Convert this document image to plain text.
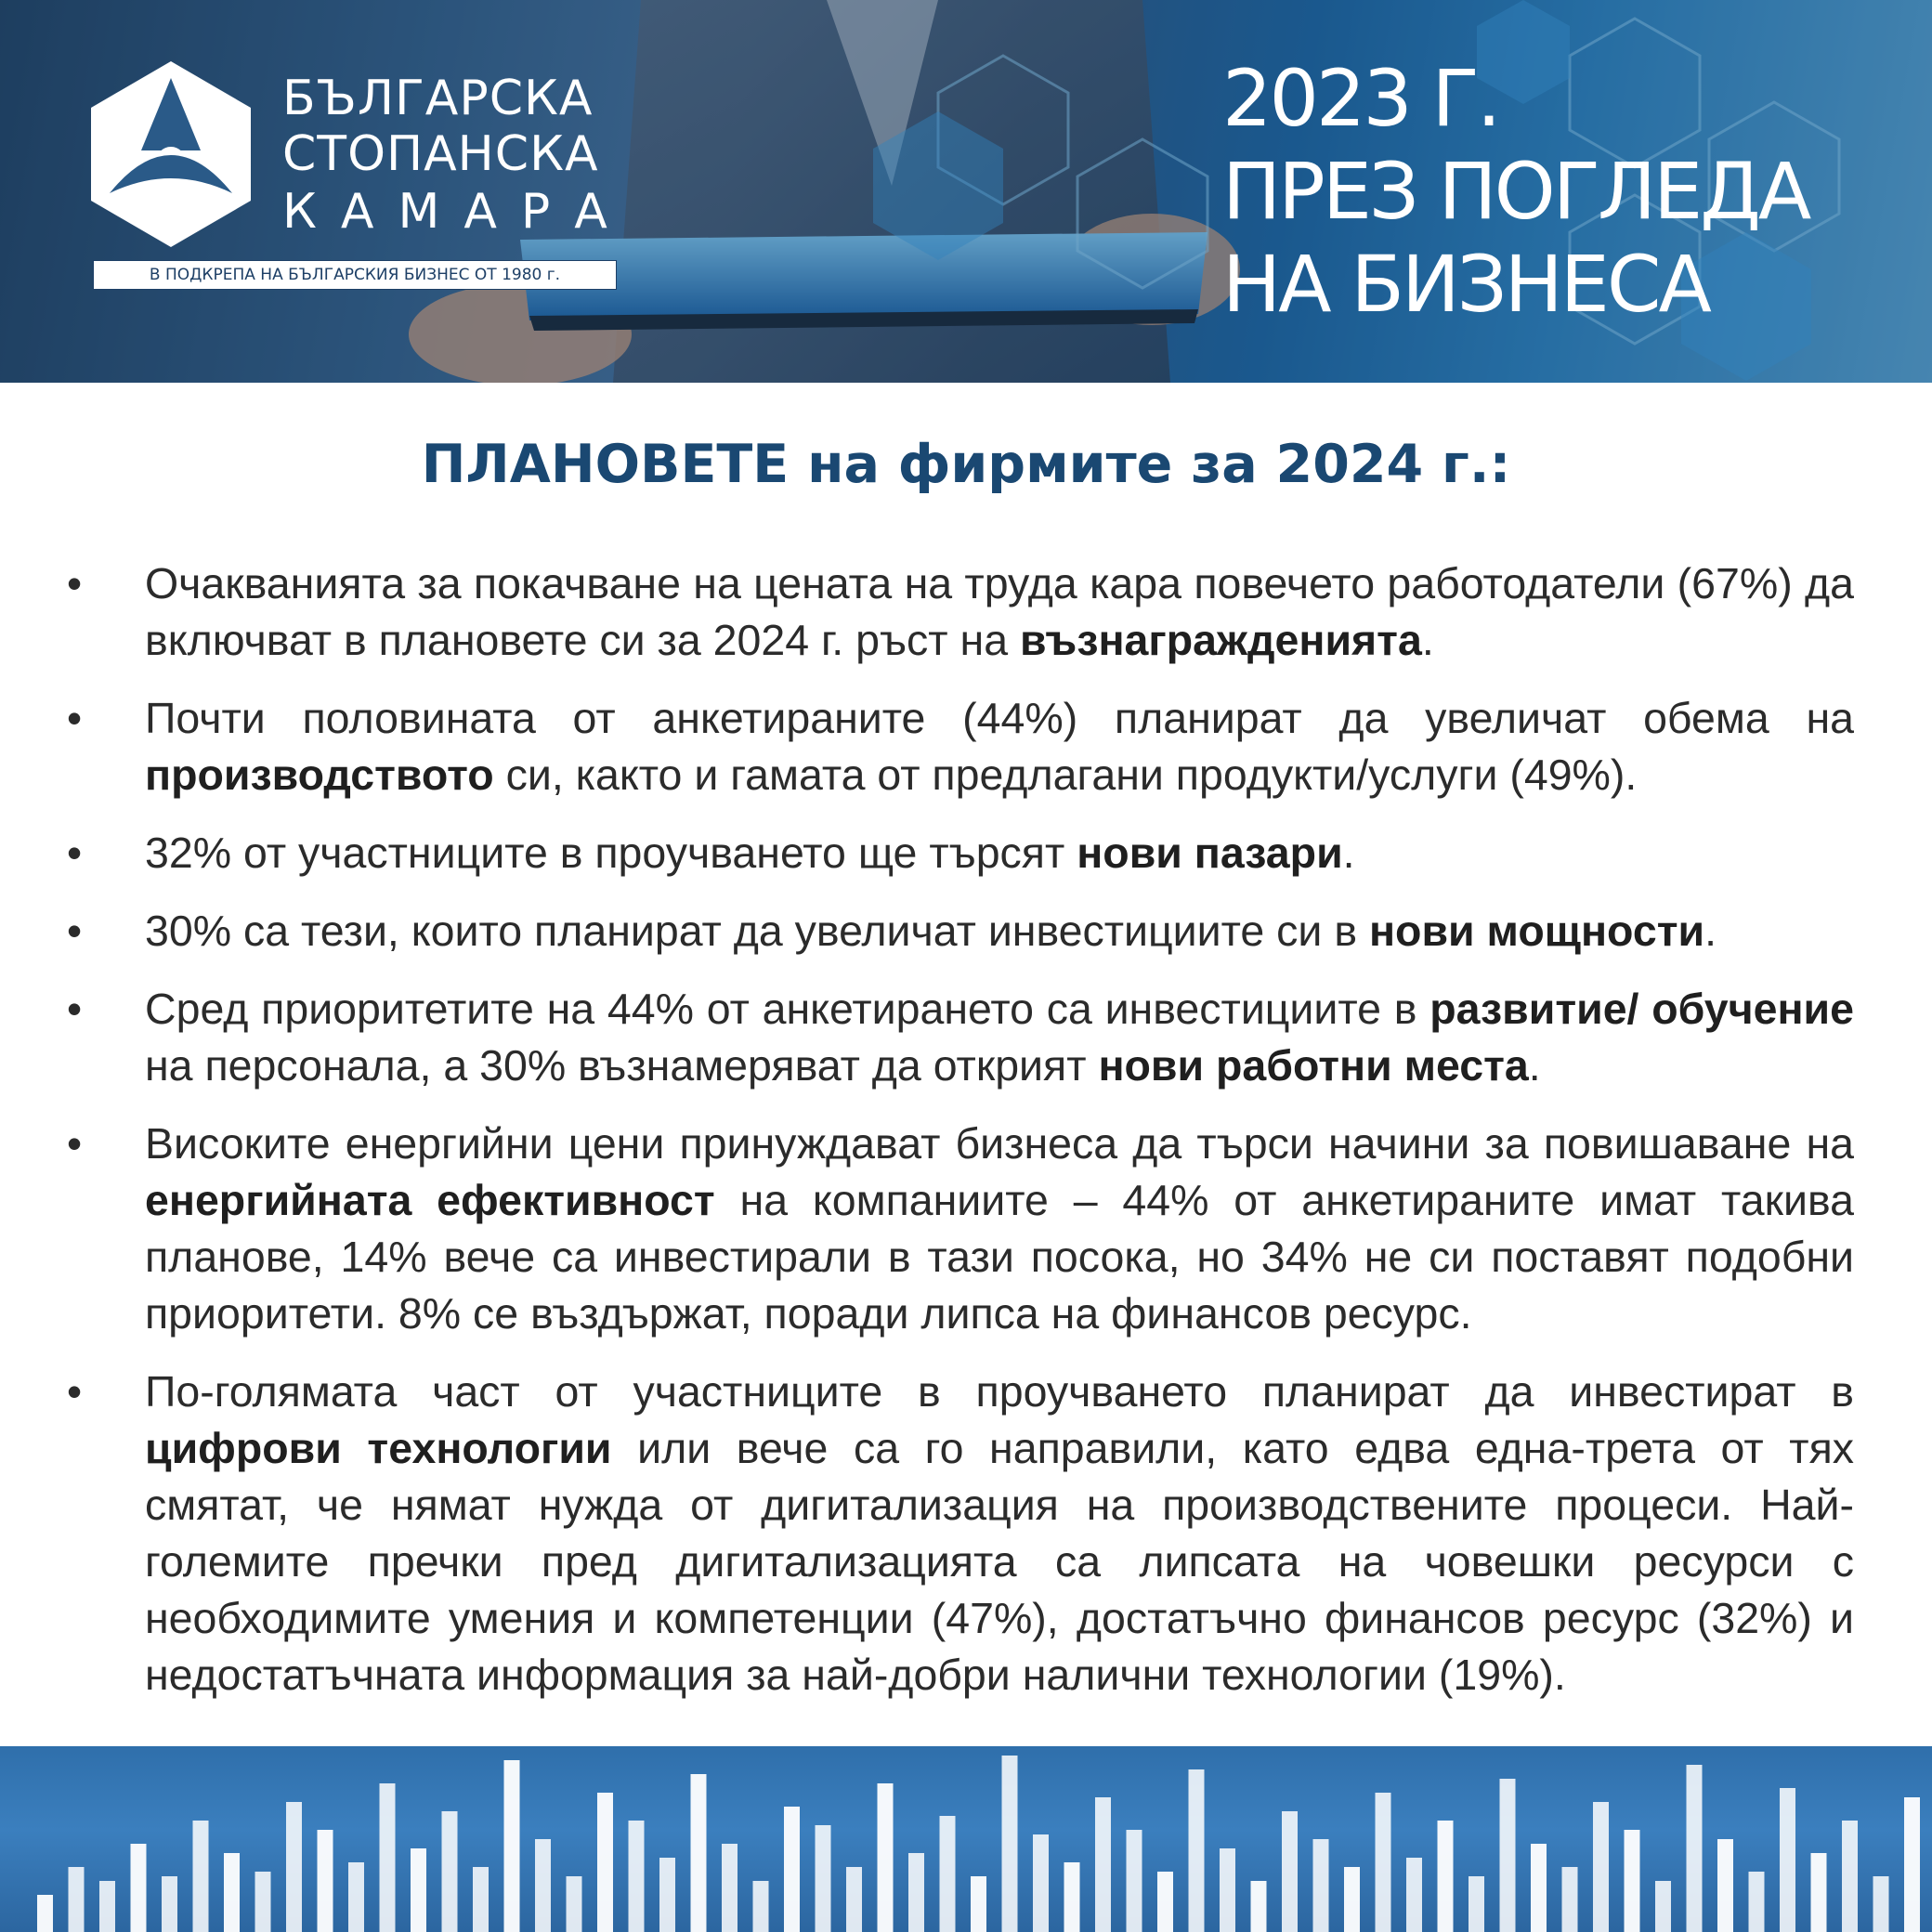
БЪЛГАРСКА

СТОПАНСКА

КАМАРА

В ПОДКРЕПА НА БЪЛГАРСКИЯ БИЗНЕС ОТ 1980 г.

2023 Г.

ПРЕЗ ПОГЛЕДА

НА БИЗНЕСА

ПЛАНОВЕТЕ на фирмите за 2024 г.:
• Очакванията за покачване на цената на труда кара повечето работодатели (67%) да включват в плановете си за 2024 г. ръст на възнагражденията.
• Почти половината от анкетираните (44%) планират да увеличат обема на производството си, както и гамата от предлагани продукти/услуги (49%).
• 32% от участниците в проучването ще търсят нови пазари.
• 30% са тези, които планират да увеличат инвестициите си в нови мощности.
• Сред приоритетите на 44% от анкетирането са инвестициите в развитие/ обучение на персонала, а 30% възнамеряват да открият нови работни места.
• Високите енергийни цени принуждават бизнеса да търси начини за повишаване на енергийната ефективност на компаниите – 44% от анкетираните имат такива планове, 14% вече са инвестирали в тази посока, но 34% не си поставят подобни приоритети. 8% се въздържат, поради липса на финансов ресурс.
• По-голямата част от участниците в проучването планират да инвестират в цифрови технологии или вече са го направили, като едва една-трета от тях смятат, че нямат нужда от дигитализация на производствените процеси. Най-големите пречки пред дигитализацията са липсата на човешки ресурси с необходимите умения и компетенции (47%), достатъчно финансов ресурс (32%) и недостатъчната информация за най-добри налични технологии (19%).
